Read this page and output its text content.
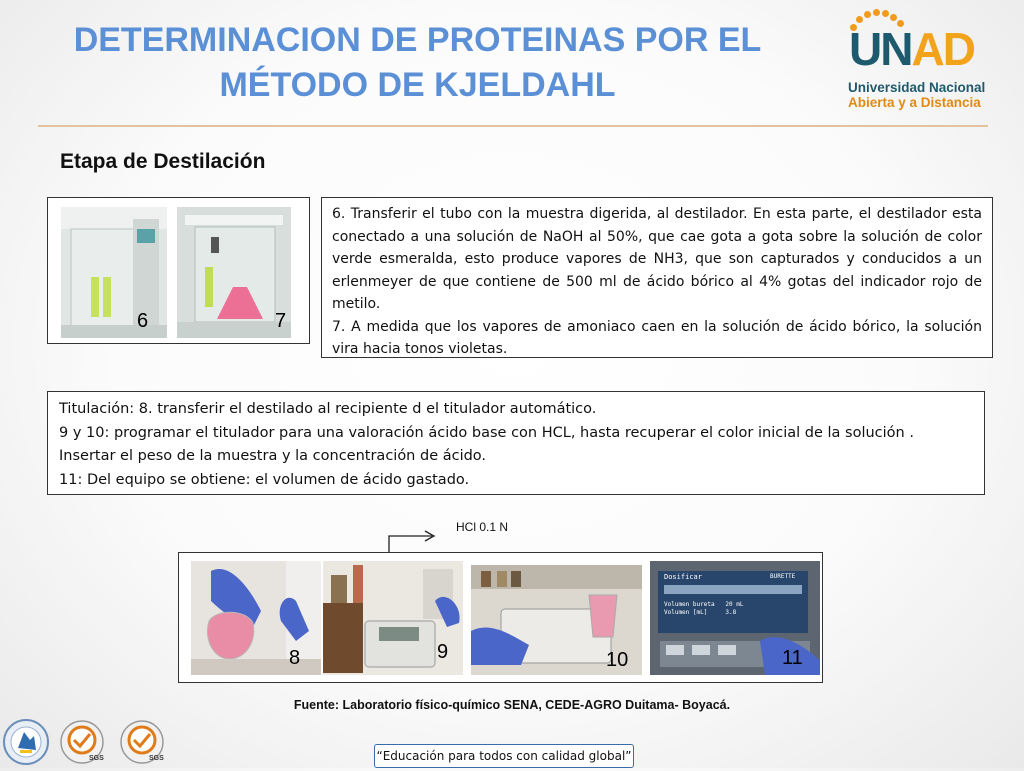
DETERMINACION DE PROTEINAS POR EL
MÉTODO DE KJELDAHL
UNAD
Universidad Nacional
Abierta y a Distancia
Etapa de Destilación
6	7

6. Transferir el tubo con la muestra digerida, al destilador. En esta parte, el destilador esta conectado a una solución de NaOH al 50%, que cae gota a gota sobre la solución de color verde esmeralda, esto produce vapores de NH3, que son capturados y conducidos a un erlenmeyer de que contiene de 500 ml de ácido bórico al 4% gotas del indicador rojo de metilo.

7. A medida que los vapores de amoniaco caen en la solución de ácido bórico, la solución vira hacia tonos violetas.

Titulación: 8. transferir el destilado al recipiente d el titulador automático.

9 y 10: programar el titulador para una valoración ácido base con HCL, hasta recuperar el color inicial de la solución . Insertar el peso de la muestra y la concentración de ácido.

11: Del equipo se obtiene: el volumen de ácido gastado.

HCl 0.1 N
8	9	10
Dosificar	BURETTE
Volumen bureta   20 mL
Volumen [mL]     3.8
11
Fuente: Laboratorio físico-químico SENA, CEDE-AGRO Duitama- Boyacá.
SGS	SGS	“Educación para todos con calidad global”
